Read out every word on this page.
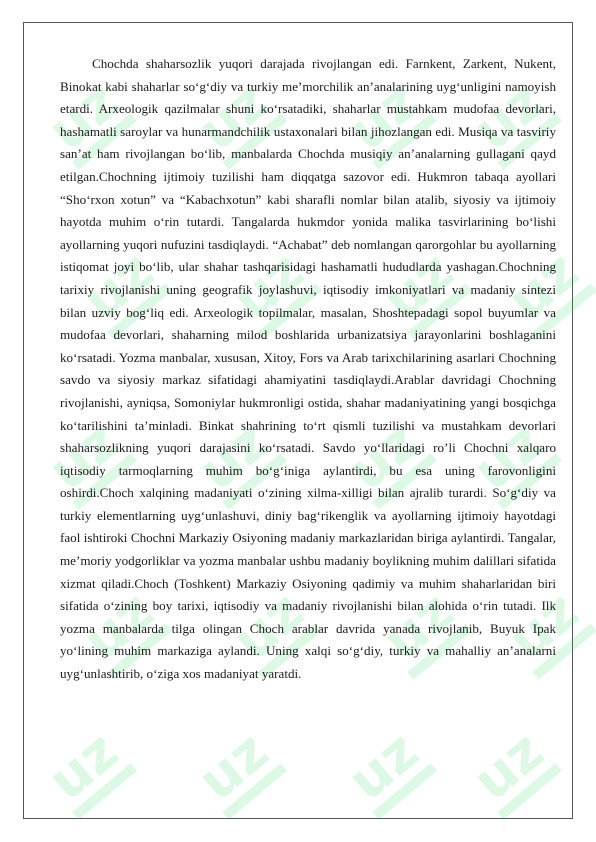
uz uz uz uz
uz uz uz uz
uz uz uz uz
uz uz uz uz
uz uz uz uz

Chochda shaharsozlik yuqori darajada rivojlangan edi. Farnkent, Zarkent, Nukent, Binokat kabi shaharlar so‘g‘diy va turkiy me’morchilik an’analarining uyg‘unligini namoyish etardi. Arxeologik qazilmalar shuni ko‘rsatadiki, shaharlar mustahkam mudofaa devorlari, hashamatli saroylar va hunarmandchilik ustaxonalari bilan jihozlangan edi. Musiqa va tasviriy san’at ham rivojlangan bo‘lib, manbalarda Chochda musiqiy an’analarning gullagani qayd etilgan.Chochning ijtimoiy tuzilishi ham diqqatga sazovor edi. Hukmron tabaqa ayollari “Sho‘rxon xotun” va “Kabachxotun” kabi sharafli nomlar bilan atalib, siyosiy va ijtimoiy hayotda muhim o‘rin tutardi. Tangalarda hukmdor yonida malika tasvirlarining bo‘lishi ayollarning yuqori nufuzini tasdiqlaydi. “Achabat” deb nomlangan qarorgohlar bu ayollarning istiqomat joyi bo‘lib, ular shahar tashqarisidagi hashamatli hududlarda yashagan.Chochning tarixiy rivojlanishi uning geografik joylashuvi, iqtisodiy imkoniyatlari va madaniy sintezi bilan uzviy bog‘liq edi. Arxeologik topilmalar, masalan, Shoshtepadagi sopol buyumlar va mudofaa devorlari, shaharning milod boshlarida urbanizatsiya jarayonlarini boshlaganini ko‘rsatadi. Yozma manbalar, xususan, Xitoy, Fors va Arab tarixchilarining asarlari Chochning savdo va siyosiy markaz sifatidagi ahamiyatini tasdiqlaydi.Arablar davridagi Chochning rivojlanishi, ayniqsa, Somoniylar hukmronligi ostida, shahar madaniyatining yangi bosqichga ko‘tarilishini ta’minladi. Binkat shahrining to‘rt qismli tuzilishi va mustahkam devorlari shaharsozlikning yuqori darajasini ko‘rsatadi. Savdo yo‘llaridagi ro’li Chochni xalqaro iqtisodiy tarmoqlarning muhim bo‘g‘iniga aylantirdi, bu esa uning farovonligini oshirdi.Choch xalqining madaniyati o‘zining xilma-xilligi bilan ajralib turardi. So‘g‘diy va turkiy elementlarning uyg‘unlashuvi, diniy bag‘rikenglik va ayollarning ijtimoiy hayotdagi faol ishtiroki Chochni Markaziy Osiyoning madaniy markazlaridan biriga aylantirdi. Tangalar, me’moriy yodgorliklar va yozma manbalar ushbu madaniy boylikning muhim dalillari sifatida xizmat qiladi.Choch (Toshkent) Markaziy Osiyoning qadimiy va muhim shaharlaridan biri sifatida o‘zining boy tarixi, iqtisodiy va madaniy rivojlanishi bilan alohida o‘rin tutadi. Ilk yozma manbalarda tilga olingan Choch arablar davrida yanada rivojlanib, Buyuk Ipak yo‘lining muhim markaziga aylandi. Uning xalqi so‘g‘diy, turkiy va mahalliy an’analarni uyg‘unlashtirib, o‘ziga xos madaniyat yaratdi.
